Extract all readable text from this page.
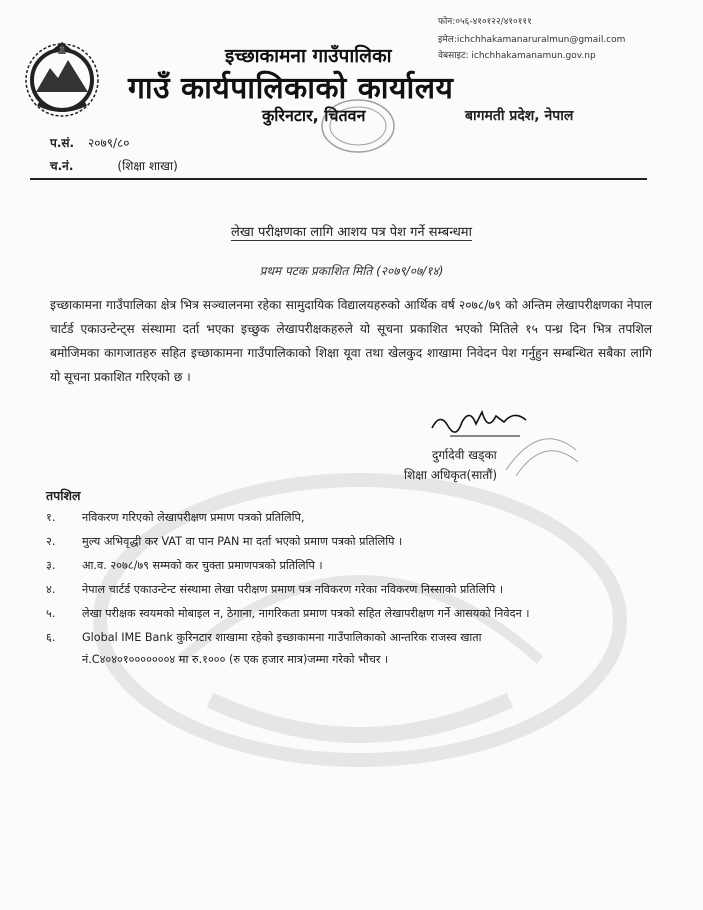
फोन:०५६-४१०१२२/४१०१११
इमेल:ichchhakamanaruralmun@gmail.com
वेबसाइट: ichchhakamanamun.gov.np
इच्छाकामना गाउँपालिका
गाउँ कार्यपालिकाको कार्यालय
कुरिनटार, चितवन	बागमती प्रदेश, नेपाल
प.सं. २०७९/८०
च.नं.	(शिक्षा शाखा)
लेखा परीक्षणका लागि आशय पत्र पेश गर्ने सम्बन्धमा
प्रथम पटक प्रकाशित मिति (२०७९/०७/१४)
इच्छाकामना गाउँपालिका क्षेत्र भित्र सञ्चालनमा रहेका सामुदायिक विद्यालयहरुको आर्थिक वर्ष २०७८/७९ को अन्तिम लेखापरीक्षणका नेपाल चार्टर्ड एकाउन्टेन्ट्स संस्थामा दर्ता भएका इच्छुक लेखापरीक्षकहरुले यो सूचना प्रकाशित भएको मितिले १५ पन्ध्र दिन भित्र तपशिल बमोजिमका कागजातहरु सहित इच्छाकामना गाउँपालिकाको शिक्षा यूवा तथा खेलकुद शाखामा निवेदन पेश गर्नुहुन सम्बन्धित सबैका लागि यो सूचना प्रकाशित गरिएको छ ।
दुर्गादेवी खड्का
शिक्षा अधिकृत(सातौं)
तपशिल
१.	नविकरण गरिएको लेखापरीक्षण प्रमाण पत्रको प्रतिलिपि,
२.	मुल्य अभिवृद्धी कर VAT वा पान PAN मा दर्ता भएको प्रमाण पत्रको प्रतिलिपि ।
३.	आ.व. २०७८/७९ सम्मको कर चुक्ता प्रमाणपत्रको प्रतिलिपि ।
४.	नेपाल चार्टर्ड एकाउन्टेन्ट संस्थामा लेखा परीक्षण प्रमाण पत्र नविकरण गरेका नविकरण निस्साको प्रतिलिपि ।
५.	लेखा परीक्षक स्वयमको मोबाइल न, ठेगाना, नागरिकता प्रमाण पत्रको सहित लेखापरीक्षण गर्ने आसयको निवेदन ।
६.	Global IME Bank कुरिनटार शाखामा रहेको इच्छाकामना गाउँपालिकाको आन्तरिक राजस्व खाता
नं.C४०४०१०००००००४ मा रु.१००० (रु एक हजार मात्र)जम्मा गरेको भौचर ।
